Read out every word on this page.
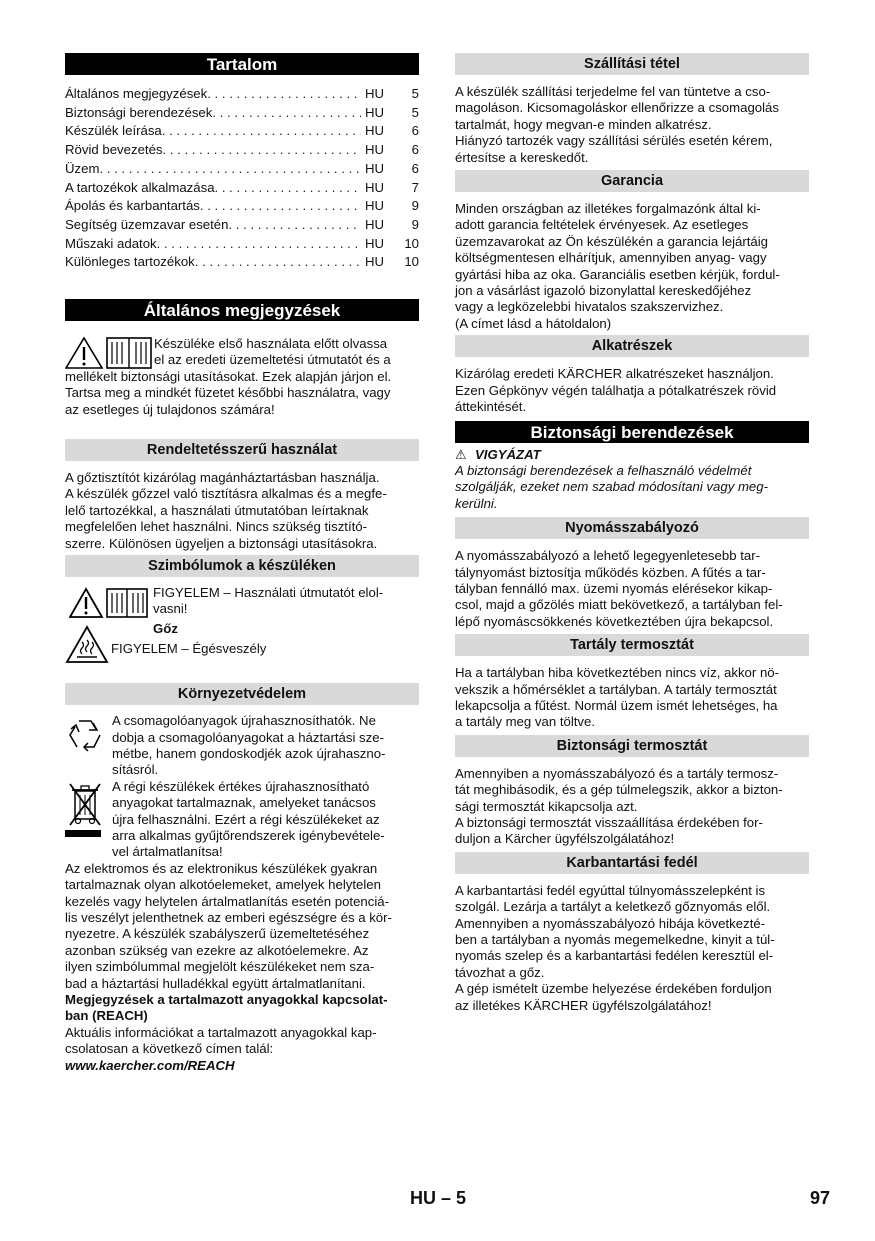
Tartalom
Általános megjegyzések . . .	HU	5
Biztonsági berendezések . . .	HU	5
Készülék leírása . . .	HU	6
Rövid bevezetés . . .	HU	6
Üzem . . .	HU	6
A tartozékok alkalmazása . . .	HU	7
Ápolás és karbantartás . . .	HU	9
Segítség üzemzavar esetén . . .	HU	9
Műszaki adatok . . .	HU	10
Különleges tartozékok . . .	HU	10
Általános megjegyzések

Készüléke első használata előtt olvassa

el az eredeti üzemeltetési útmutatót és a

mellékelt biztonsági utasításokat. Ezek alapján járjon el.

Tartsa meg a mindkét füzetet későbbi használatra, vagy

az esetleges új tulajdonos számára!

Rendeltetésszerű használat

A gőztisztítót kizárólag magánháztartásban használja.

A készülék gőzzel való tisztításra alkalmas és a megfe-

lelő tartozékkal, a használati útmutatóban leírtaknak

megfelelően lehet használni. Nincs szükség tisztító-

szerre. Különösen ügyeljen a biztonsági utasításokra.

Szimbólumok a készüléken

FIGYELEM – Használati útmutatót elol-

vasni!

Gőz

FIGYELEM – Égésveszély

Környezetvédelem

A csomagolóanyagok újrahasznosíthatók. Ne

dobja a csomagolóanyagokat a háztartási sze-

métbe, hanem gondoskodjék azok újrahaszno-

sításról.

A régi készülékek értékes újrahasznosítható

anyagokat tartalmaznak, amelyeket tanácsos

újra felhasználni. Ezért a régi készülékeket az

arra alkalmas gyűjtőrendszerek igénybevétele-

vel ártalmatlanítsa!

Az elektromos és az elektronikus készülékek gyakran

tartalmaznak olyan alkotóelemeket, amelyek helytelen

kezelés vagy helytelen ártalmatlanítás esetén potenciá-

lis veszélyt jelenthetnek az emberi egészségre és a kör-

nyezetre. A készülék szabályszerű üzemeltetéséhez

azonban szükség van ezekre az alkotóelemekre. Az

ilyen szimbólummal megjelölt készülékeket nem sza-

bad a háztartási hulladékkal együtt ártalmatlanítani.

Megjegyzések a tartalmazott anyagokkal kapcsolat-

ban (REACH)

Aktuális információkat a tartalmazott anyagokkal kap-

csolatosan a következő címen talál:

www.kaercher.com/REACH

Szállítási tétel

A készülék szállítási terjedelme fel van tüntetve a cso-

magoláson. Kicsomagoláskor ellenőrizze a csomagolás

tartalmát, hogy megvan-e minden alkatrész.

Hiányzó tartozék vagy szállítási sérülés esetén kérem,

értesítse a kereskedőt.

Garancia

Minden országban az illetékes forgalmazónk által ki-

adott garancia feltételek érvényesek. Az esetleges

üzemzavarokat az Ön készülékén a garancia lejártáig

költségmentesen elhárítjuk, amennyiben anyag- vagy

gyártási hiba az oka. Garanciális esetben kérjük, fordul-

jon a vásárlást igazoló bizonylattal kereskedőjéhez

vagy a legközelebbi hivatalos szakszervizhez.

(A címet lásd a hátoldalon)

Alkatrészek

Kizárólag eredeti KÄRCHER alkatrészeket használjon.

Ezen Gépkönyv végén találhatja a pótalkatrészek rövid

áttekintését.

Biztonsági berendezések

⚠ VIGYÁZAT

A biztonsági berendezések a felhasználó védelmét

szolgálják, ezeket nem szabad módosítani vagy meg-

kerülni.

Nyomásszabályozó

A nyomásszabályozó a lehető legegyenletesebb tar-

tálynyomást biztosítja működés közben. A fűtés a tar-

tályban fennálló max. üzemi nyomás elérésekor kikap-

csol, majd a gőzölés miatt bekövetkező, a tartályban fel-

lépő nyomáscsökkenés következtében újra bekapcsol.

Tartály termosztát

Ha a tartályban hiba következtében nincs víz, akkor nö-

vekszik a hőmérséklet a tartályban. A tartály termosztát

lekapcsolja a fűtést. Normál üzem ismét lehetséges, ha

a tartály meg van töltve.

Biztonsági termosztát

Amennyiben a nyomásszabályozó és a tartály termosz-

tát meghibásodik, és a gép túlmelegszik, akkor a bizton-

sági termosztát kikapcsolja azt.

A biztonsági termosztát visszaállítása érdekében for-

duljon a Kärcher ügyfélszolgálatához!

Karbantartási fedél

A karbantartási fedél egyúttal túlnyomásszelepként is

szolgál. Lezárja a tartályt a keletkező gőznyomás elől.

Amennyiben a nyomásszabályozó hibája következté-

ben a tartályban a nyomás megemelkedne, kinyit a túl-

nyomás szelep és a karbantartási fedélen keresztül el-

távozhat a gőz.

A gép ismételt üzembe helyezése érdekében forduljon

az illetékes KÄRCHER ügyfélszolgálatához!

HU – 5	97
